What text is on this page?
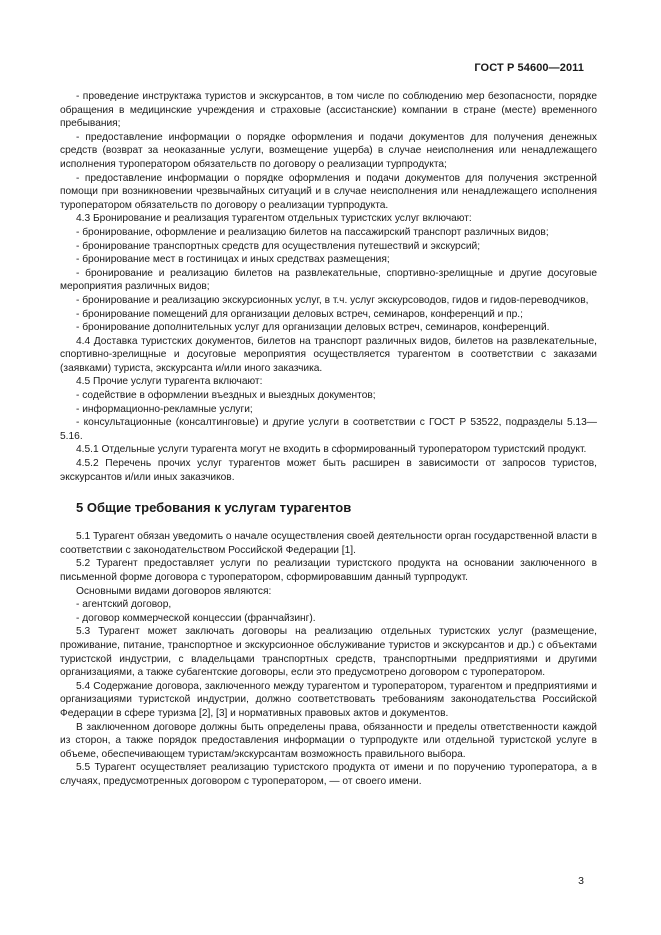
ГОСТ Р 54600—2011

- проведение инструктажа туристов и экскурсантов, в том числе по соблюдению мер безопасности, порядке обращения в медицинские учреждения и страховые (ассистанские) компании в стране (месте) временного пребывания;

- предоставление информации о порядке оформления и подачи документов для получения денежных средств (возврат за неоказанные услуги, возмещение ущерба) в случае неисполнения или ненадлежащего исполнения туроператором обязательств по договору о реализации турпродукта;

- предоставление информации о порядке оформления и подачи документов для получения экстренной помощи при возникновении чрезвычайных ситуаций и в случае неисполнения или ненадлежащего исполнения туроператором обязательств по договору о реализации турпродукта.

4.3 Бронирование и реализация турагентом отдельных туристских услуг включают:

- бронирование, оформление и реализацию билетов на пассажирский транспорт различных видов;

- бронирование транспортных средств для осуществления путешествий и экскурсий;

- бронирование мест в гостиницах и иных средствах размещения;

- бронирование и реализацию билетов на развлекательные, спортивно-зрелищные и другие досуговые мероприятия различных видов;

- бронирование и реализацию экскурсионных услуг, в т.ч. услуг экскурсоводов, гидов и гидов-переводчиков,

- бронирование помещений для организации деловых встреч, семинаров, конференций и пр.;

- бронирование дополнительных услуг для организации деловых встреч, семинаров, конференций.

4.4 Доставка туристских документов, билетов на транспорт различных видов, билетов на развлекательные, спортивно-зрелищные и досуговые мероприятия осуществляется турагентом в соответствии с заказами (заявками) туриста, экскурсанта и/или иного заказчика.

4.5 Прочие услуги турагента включают:

- содействие в оформлении въездных и выездных документов;

- информационно-рекламные услуги;

- консультационные (консалтинговые) и другие услуги в соответствии с ГОСТ Р 53522, подразделы 5.13—5.16.

4.5.1 Отдельные услуги турагента могут не входить в сформированный туроператором туристский продукт.

4.5.2 Перечень прочих услуг турагентов может быть расширен в зависимости от запросов туристов, экскурсантов и/или иных заказчиков.

5 Общие требования к услугам турагентов

5.1 Турагент обязан уведомить о начале осуществления своей деятельности орган государственной власти в соответствии с законодательством Российской Федерации [1].

5.2 Турагент предоставляет услуги по реализации туристского продукта на основании заключенного в письменной форме договора с туроператором, сформировавшим данный турпродукт.

Основными видами договоров являются:

- агентский договор,

- договор коммерческой концессии (франчайзинг).

5.3 Турагент может заключать договоры на реализацию отдельных туристских услуг (размещение, проживание, питание, транспортное и экскурсионное обслуживание туристов и экскурсантов и др.) с объектами туристской индустрии, с владельцами транспортных средств, транспортными предприятиями и другими организациями, а также субагентские договоры, если это предусмотрено договором с туроператором.

5.4 Содержание договора, заключенного между турагентом и туроператором, турагентом и предприятиями и организациями туристской индустрии, должно соответствовать требованиям законодательства Российской Федерации в сфере туризма [2], [3] и нормативных правовых актов и документов.

В заключенном договоре должны быть определены права, обязанности и пределы ответственности каждой из сторон, а также порядок предоставления информации о турпродукте или отдельной туристской услуге в объеме, обеспечивающем туристам/экскурсантам возможность правильного выбора.

5.5 Турагент осуществляет реализацию туристского продукта от имени и по поручению туроператора, а в случаях, предусмотренных договором с туроператором, — от своего имени.

3
